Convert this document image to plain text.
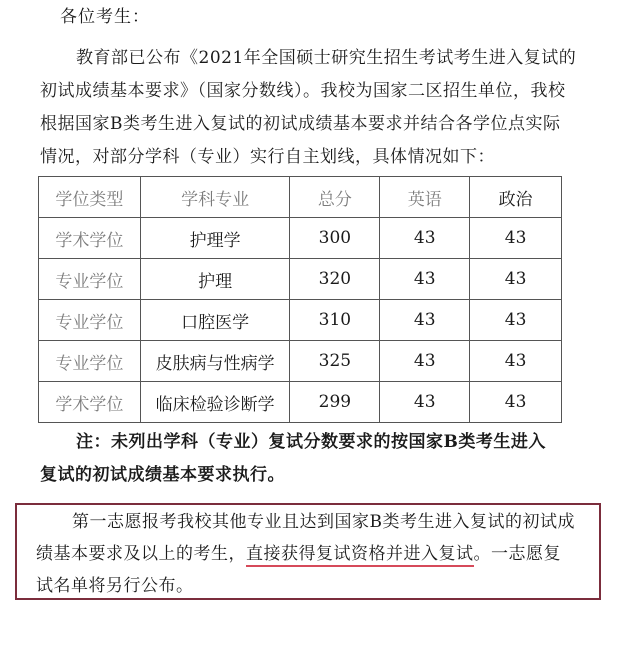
各位考生：
教育部已公布《2021年全国硕士研究生招生考试考生进入复试的
初试成绩基本要求》（国家分数线）。我校为国家二区招生单位，我校
根据国家B类考生进入复试的初试成绩基本要求并结合各学位点实际
情况，对部分学科（专业）实行自主划线，具体情况如下：
学位类型	学科专业	总分	英语	政治
学术学位	护理学	300	43	43
专业学位	护理	320	43	43
专业学位	口腔医学	310	43	43
专业学位	皮肤病与性病学	325	43	43
学术学位	临床检验诊断学	299	43	43
注：未列出学科（专业）复试分数要求的按国家B类考生进入
复试的初试成绩基本要求执行。
第一志愿报考我校其他专业且达到国家B类考生进入复试的初试成
绩基本要求及以上的考生，直接获得复试资格并进入复试。一志愿复
试名单将另行公布。
